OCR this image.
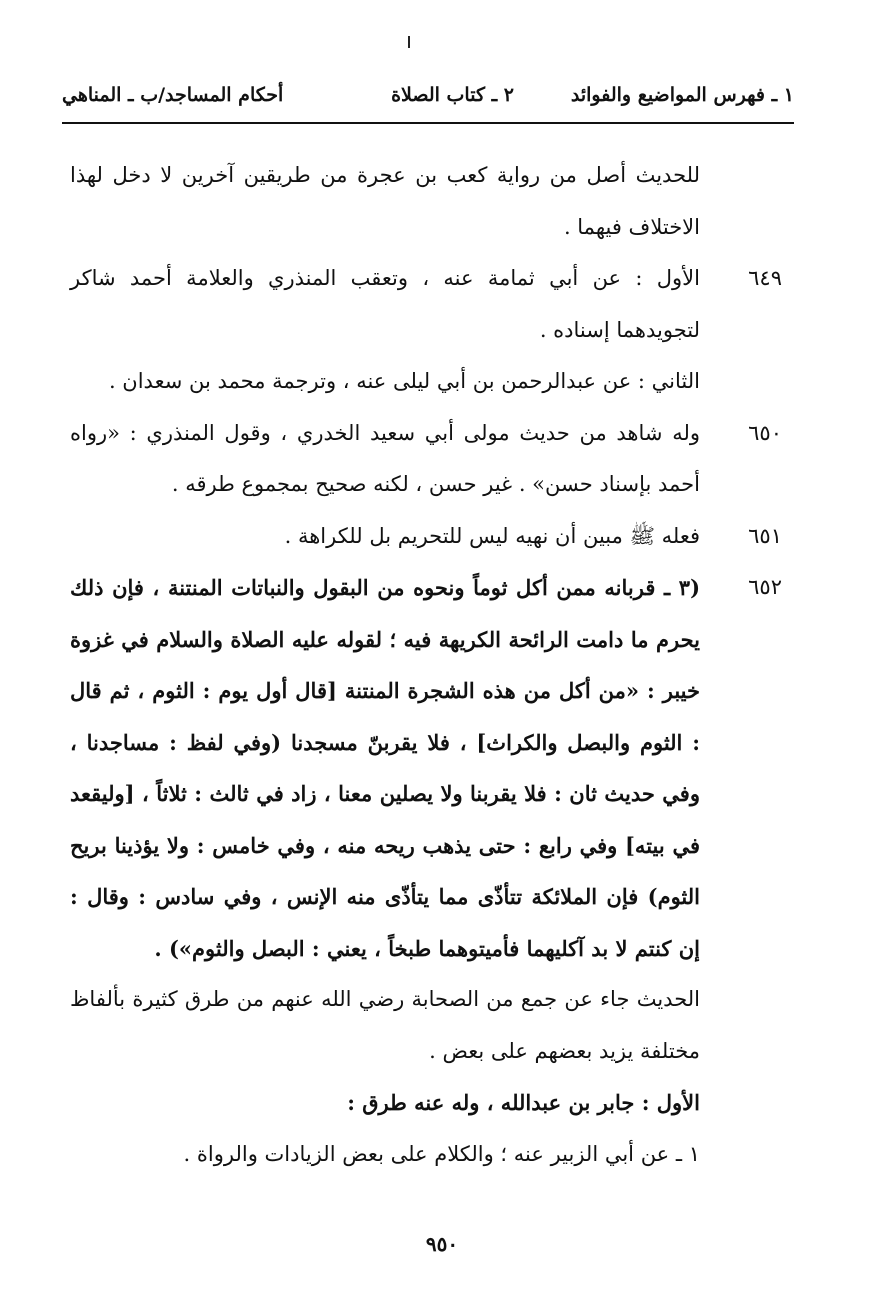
١ ـ فهرس المواضيع والفوائد
٢ ـ كتاب الصلاة
أحكام المساجد/ب ـ المناهي
للحديث أصل من رواية كعب بن عجرة من طريقين آخرين لا دخل لهذا الاختلاف فيهما .
٦٤٩
الأول : عن أبي ثمامة عنه ، وتعقب المنذري والعلامة أحمد شاكر لتجويدهما إسناده .
الثاني : عن عبدالرحمن بن أبي ليلى عنه ، وترجمة محمد بن سعدان .
٦٥٠
وله شاهد من حديث مولى أبي سعيد الخدري ، وقول المنذري : «رواه أحمد بإسناد حسن» . غير حسن ، لكنه صحيح بمجموع طرقه .
٦٥١
فعله ﷺ مبين أن نهيه ليس للتحريم بل للكراهة .
٦٥٢
(٣ ـ قربانه ممن أكل ثوماً ونحوه من البقول والنباتات المنتنة ، فإن ذلك يحرم ما دامت الرائحة الكريهة فيه ؛ لقوله عليه الصلاة والسلام في غزوة خيبر : «من أكل من هذه الشجرة المنتنة [قال أول يوم : الثوم ، ثم قال : الثوم والبصل والكراث] ، فلا يقربنّ مسجدنا (وفي لفظ : مساجدنا ، وفي حديث ثان : فلا يقربنا ولا يصلين معنا ، زاد في ثالث : ثلاثاً ، [وليقعد في بيته] وفي رابع : حتى يذهب ريحه منه ، وفي خامس : ولا يؤذينا بريح الثوم) فإن الملائكة تتأذّى مما يتأذّى منه الإنس ، وفي سادس : وقال : إن كنتم لا بد آكليهما فأميتوهما طبخاً ، يعني : البصل والثوم») .
الحديث جاء عن جمع من الصحابة رضي الله عنهم من طرق كثيرة بألفاظ مختلفة يزيد بعضهم على بعض .
الأول : جابر بن عبدالله ، وله عنه طرق :
١ ـ عن أبي الزبير عنه ؛ والكلام على بعض الزيادات والرواة .
٩٥٠
